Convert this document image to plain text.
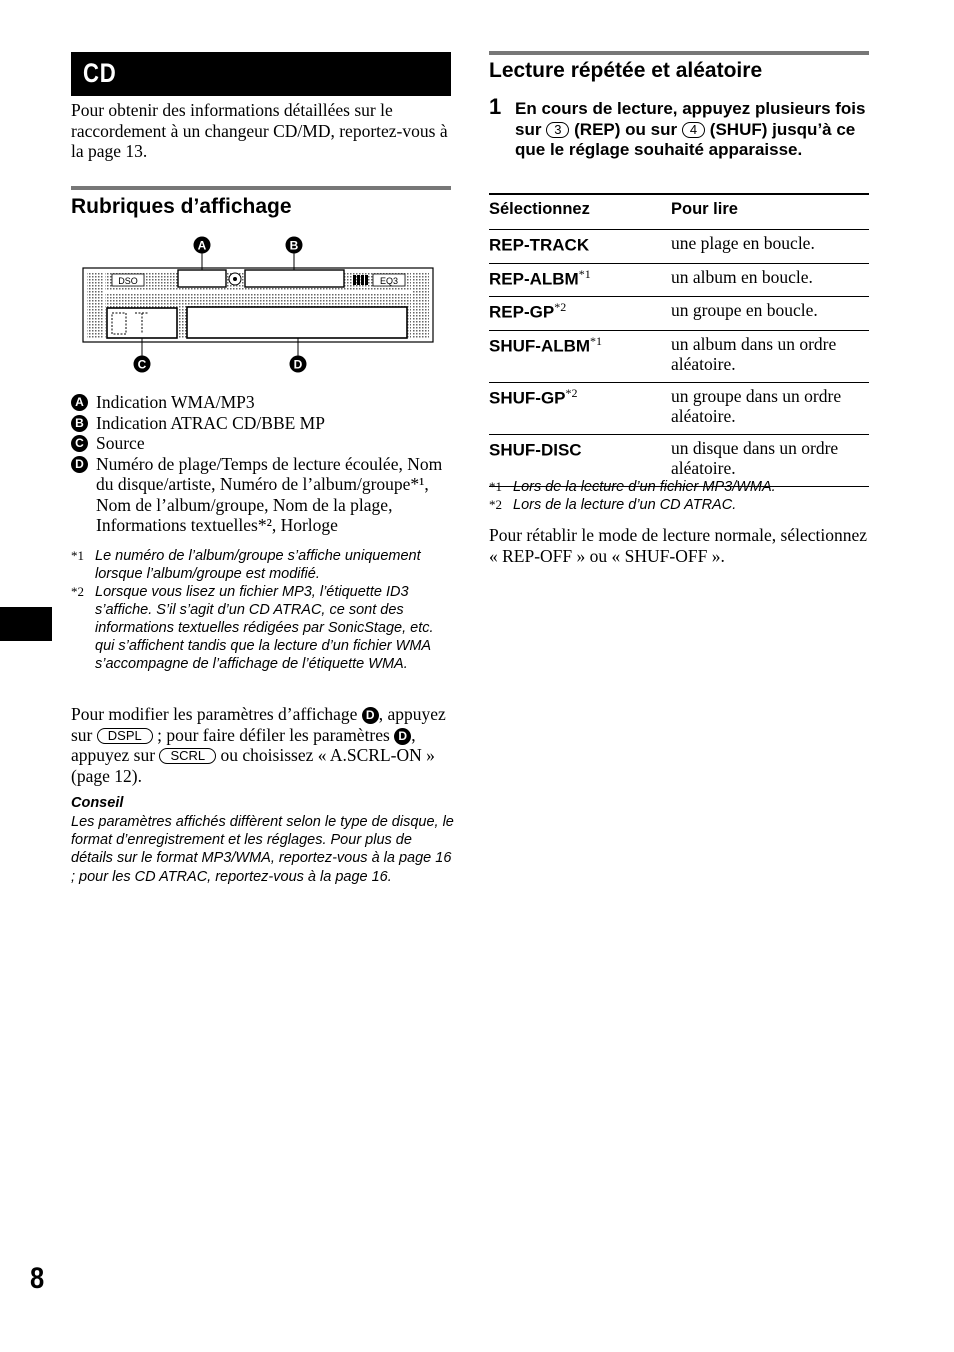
CD
Pour obtenir des informations détaillées sur le raccordement à un changeur CD/MD, reportez-vous à la page 13.
Rubriques d’affichage
DSO	EQ3
A	B
C	D
A Indication WMA/MP3
B Indication ATRAC CD/BBE MP
C Source
D Numéro de plage/Temps de lecture écoulée, Nom du disque/artiste, Numéro de l’album/groupe*¹, Nom de l’album/groupe, Nom de la plage, Informations textuelles*², Horloge
*1 Le numéro de l’album/groupe s’affiche uniquement lorsque l’album/groupe est modifié.
*2 Lorsque vous lisez un fichier MP3, l’étiquette ID3 s’affiche. S’il s’agit d’un CD ATRAC, ce sont des informations textuelles rédigées par SonicStage, etc. qui s’affichent tandis que la lecture d’un fichier WMA s’accompagne de l’affichage de l’étiquette WMA.
Pour modifier les paramètres d’affichage D , appuyez sur DSPL ; pour faire défiler les paramètres D , appuyez sur SCRL ou choisissez « A.SCRL-ON » (page 12).
Conseil
Les paramètres affichés diffèrent selon le type de disque, le format d’enregistrement et les réglages. Pour plus de détails sur le format MP3/WMA, reportez-vous à la page 16 ; pour les CD ATRAC, reportez-vous à la page 16.
Lecture répétée et aléatoire
1 En cours de lecture, appuyez plusieurs fois sur 3 (REP) ou sur 4 (SHUF) jusqu’à ce que le réglage souhaité apparaisse.
Sélectionnez	Pour lire
REP-TRACK	une plage en boucle.
REP-ALBM$^{*1}$	un album en boucle.
REP-GP$^{*2}$	un groupe en boucle.
SHUF-ALBM$^{*1}$	un album dans un ordre aléatoire.
SHUF-GP$^{*2}$	un groupe dans un ordre aléatoire.
SHUF-DISC	un disque dans un ordre aléatoire.
*1 Lors de la lecture d’un fichier MP3/WMA.
*2 Lors de la lecture d’un CD ATRAC.
Pour rétablir le mode de lecture normale, sélectionnez « REP-OFF » ou « SHUF-OFF ».
8
